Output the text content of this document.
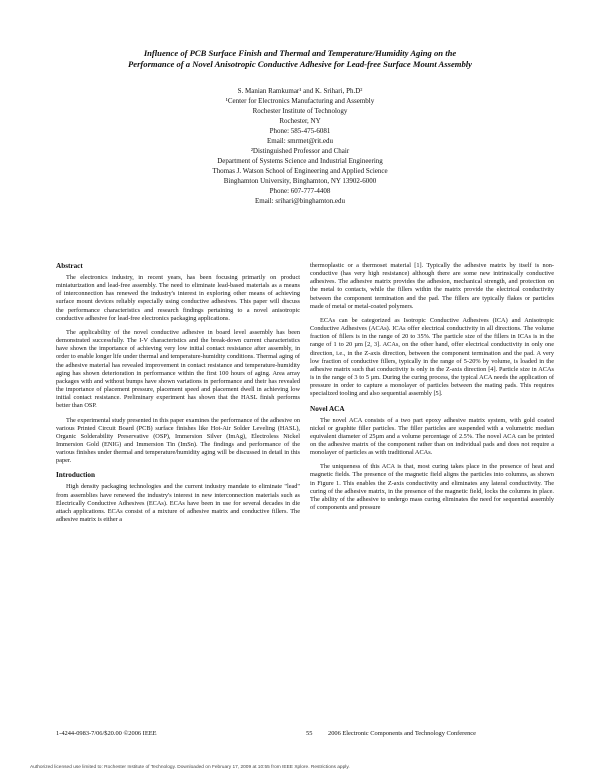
Influence of PCB Surface Finish and Thermal and Temperature/Humidity Aging on the
Performance of a Novel Anisotropic Conductive Adhesive for Lead-free Surface Mount Assembly
S. Manian Ramkumar¹ and K. Srihari, Ph.D²
¹Center for Electronics Manufacturing and Assembly
Rochester Institute of Technology
Rochester, NY
Phone: 585-475-6081
Email: smrmet@rit.edu
²Distinguished Professor and Chair
Department of Systems Science and Industrial Engineering
Thomas J. Watson School of Engineering and Applied Science
Binghamton University, Binghamton, NY 13902-6000
Phone: 607-777-4408
Email: srihari@binghamton.edu
Abstract

The electronics industry, in recent years, has been focusing primarily on product miniaturization and lead-free assembly. The need to eliminate lead-based materials as a means of interconnection has renewed the industry's interest in exploring other means of achieving surface mount devices reliably especially using conductive adhesives. This paper will discuss the performance characteristics and research findings pertaining to a novel anisotropic conductive adhesive for lead-free electronics packaging applications.

The applicability of the novel conductive adhesive in board level assembly has been demonstrated successfully. The I-V characteristics and the break-down current characteristics have shown the importance of achieving very low initial contact resistance after assembly, in order to enable longer life under thermal and temperature-humidity conditions. Thermal aging of the adhesive material has revealed improvement in contact resistance and temperature-humidity aging has shown deterioration in performance within the first 100 hours of aging. Area array packages with and without bumps have shown variations in performance and their has revealed the importance of placement pressure, placement speed and placement dwell in achieving low initial contact resistance. Preliminary experiment has shown that the HASL finish performs better than OSP.

The experimental study presented in this paper examines the performance of the adhesive on various Printed Circuit Board (PCB) surface finishes like Hot-Air Solder Leveling (HASL), Organic Solderability Preservative (OSP), Immersion Silver (ImAg), Electroless Nickel Immersion Gold (ENIG) and Immersion Tin (ImSn). The findings and performance of the various finishes under thermal and temperature/humidity aging will be discussed in detail in this paper.

Introduction

High density packaging technologies and the current industry mandate to eliminate "lead" from assemblies have renewed the industry's interest in new interconnection materials such as Electrically Conductive Adhesives (ECAs). ECAs have been in use for several decades in die attach applications. ECAs consist of a mixture of adhesive matrix and conductive fillers. The adhesive matrix is either a

thermoplastic or a thermoset material [1]. Typically the adhesive matrix by itself is non-conductive (has very high resistance) although there are some new intrinsically conductive adhesives. The adhesive matrix provides the adhesion, mechanical strength, and protection on the metal to contacts, while the fillers within the matrix provide the electrical conductivity between the component termination and the pad. The fillers are typically flakes or particles made of metal or metal-coated polymers.

ECAs can be categorized as Isotropic Conductive Adhesives (ICA) and Anisotropic Conductive Adhesives (ACAs). ICAs offer electrical conductivity in all directions. The volume fraction of fillers is in the range of 20 to 35%. The particle size of the fillers in ICAs is in the range of 1 to 20 µm [2, 3]. ACAs, on the other hand, offer electrical conductivity in only one direction, i.e., in the Z-axis direction, between the component termination and the pad. A very low fraction of conductive fillers, typically in the range of 5-20% by volume, is loaded in the adhesive matrix such that conductivity is only in the Z-axis direction [4]. Particle size in ACAs is in the range of 3 to 5 µm. During the curing process, the typical ACA needs the application of pressure in order to capture a monolayer of particles between the mating pads. This requires specialized tooling and also sequential assembly [5].

Novel ACA

The novel ACA consists of a two part epoxy adhesive matrix system, with gold coated nickel or graphite filler particles. The filler particles are suspended with a volumetric median equivalent diameter of 25µm and a volume percentage of 2.5%. The novel ACA can be printed on the adhesive matrix of the component rather than on individual pads and does not require a monolayer of particles as with traditional ACAs.

The uniqueness of this ACA is that, most curing takes place in the presence of heat and magnetic fields. The presence of the magnetic field aligns the particles into columns, as shown in Figure 1. This enables the Z-axis conductivity and eliminates any lateral conductivity. The curing of the adhesive matrix, in the presence of the magnetic field, locks the columns in place. The ability of the adhesive to undergo mass curing eliminates the need for sequential assembly of components and pressure

1-4244-0983-7/06/$20.00 ©2006 IEEE	55 2006 Electronic Components and Technology Conference
Authorized licensed use limited to: Rochester Institute of Technology. Downloaded on February 17, 2009 at 10:55 from IEEE Xplore. Restrictions apply.
